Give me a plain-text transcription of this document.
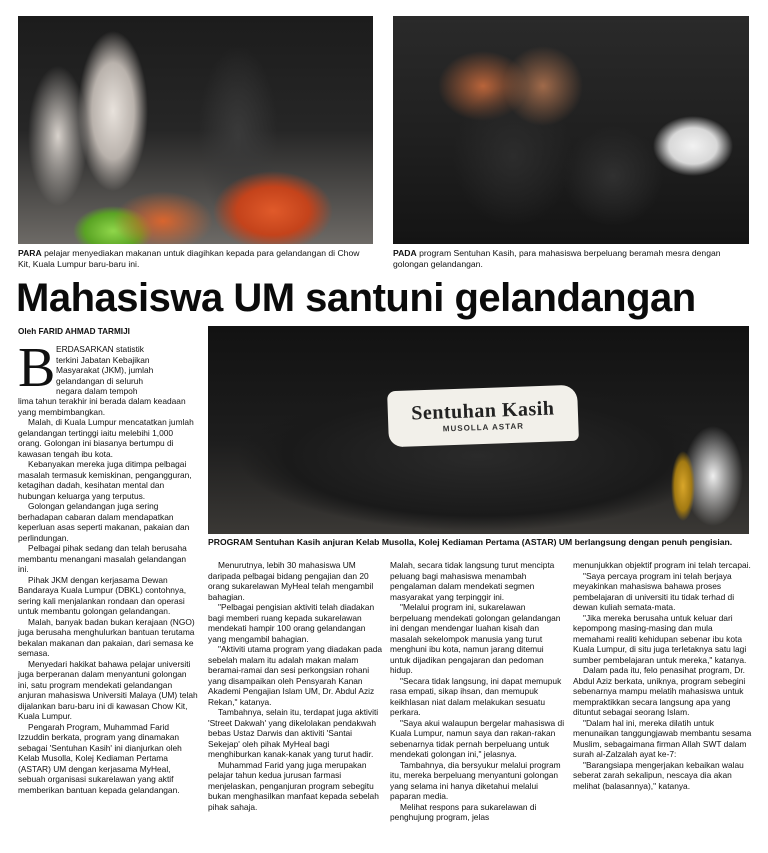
Sentuhan Kasih
MUSOLLA ASTAR
PARA pelajar menyediakan makanan untuk diagihkan kepada para gelandangan di Chow Kit, Kuala Lumpur baru-baru ini.
PADA program Sentuhan Kasih, para mahasiswa berpeluang beramah mesra dengan golongan gelandangan.
PROGRAM Sentuhan Kasih anjuran Kelab Musolla, Kolej Kediaman Pertama (ASTAR) UM berlangsung dengan penuh pengisian.
Mahasiswa UM santuni gelandangan
Oleh FARID AHMAD TARMIJI
B ERDASARKAN statistik
terkini Jabatan Kebajikan
Masyarakat (JKM), jumlah
gelandangan di seluruh
negara dalam tempoh

lima tahun terakhir ini berada dalam keadaan yang membimbangkan.

Malah, di Kuala Lumpur mencatatkan jumlah gelandangan tertinggi iaitu melebihi 1,000 orang. Golongan ini biasanya bertumpu di kawasan tengah ibu kota.

Kebanyakan mereka juga ditimpa pelbagai masalah termasuk kemiskinan, pengangguran, ketagihan dadah, kesihatan mental dan hubungan keluarga yang terputus.

Golongan gelandangan juga sering berhadapan cabaran dalam mendapatkan keperluan asas seperti makanan, pakaian dan perlindungan.

Pelbagai pihak sedang dan telah berusaha membantu menangani masalah gelandangan ini.

Pihak JKM dengan kerjasama Dewan Bandaraya Kuala Lumpur (DBKL) contohnya, sering kali menjalankan rondaan dan operasi untuk membantu golongan gelandangan.

Malah, banyak badan bukan kerajaan (NGO) juga berusaha menghulurkan bantuan terutama bekalan makanan dan pakaian, dari semasa ke semasa.

Menyedari hakikat bahawa pelajar universiti juga berperanan dalam menyantuni golongan ini, satu program mendekati gelandangan anjuran mahasiswa Universiti Malaya (UM) telah dijalankan baru-baru ini di kawasan Chow Kit, Kuala Lumpur.

Pengarah Program, Muhammad Farid Izzuddin berkata, program yang dinamakan sebagai 'Sentuhan Kasih' ini dianjurkan oleh Kelab Musolla, Kolej Kediaman Pertama (ASTAR) UM dengan kerjasama MyHeal, sebuah organisasi sukarelawan yang aktif memberikan bantuan kepada gelandangan.

Menurutnya, lebih 30 mahasiswa UM daripada pelbagai bidang pengajian dan 20 orang sukarelawan MyHeal telah mengambil bahagian.

"Pelbagai pengisian aktiviti telah diadakan bagi memberi ruang kepada sukarelawan mendekati hampir 100 orang gelandangan yang mengambil bahagian.

"Aktiviti utama program yang diadakan pada sebelah malam itu adalah makan malam beramai-ramai dan sesi perkongsian rohani yang disampaikan oleh Pensyarah Kanan Akademi Pengajian Islam UM, Dr. Abdul Aziz Rekan," katanya.

Tambahnya, selain itu, terdapat juga aktiviti 'Street Dakwah' yang dikelolakan pendakwah bebas Ustaz Darwis dan aktiviti 'Santai Sekejap' oleh pihak MyHeal bagi menghiburkan kanak-kanak yang turut hadir.

Muhammad Farid yang juga merupakan pelajar tahun kedua jurusan farmasi menjelaskan, penganjuran program sebegitu bukan menghasilkan manfaat kepada sebelah pihak sahaja.

Malah, secara tidak langsung turut mencipta peluang bagi mahasiswa menambah pengalaman dalam mendekati segmen masyarakat yang terpinggir ini.

"Melalui program ini, sukarelawan berpeluang mendekati golongan gelandangan ini dengan mendengar luahan kisah dan masalah sekelompok manusia yang turut menghuni ibu kota, namun jarang ditemui untuk dijadikan pengajaran dan pedoman hidup.

"Secara tidak langsung, ini dapat memupuk rasa empati, sikap ihsan, dan memupuk keikhlasan niat dalam melakukan sesuatu perkara.

"Saya akui walaupun bergelar mahasiswa di Kuala Lumpur, namun saya dan rakan-rakan sebenarnya tidak pernah berpeluang untuk mendekati golongan ini," jelasnya.

Tambahnya, dia bersyukur melalui program itu, mereka berpeluang menyantuni golongan yang selama ini hanya diketahui melalui paparan media.

Melihat respons para sukarelawan di penghujung program, jelas

menunjukkan objektif program ini telah tercapai.

"Saya percaya program ini telah berjaya meyakinkan mahasiswa bahawa proses pembelajaran di universiti itu tidak terhad di dewan kuliah semata-mata.

"Jika mereka berusaha untuk keluar dari kepompong masing-masing dan mula memahami realiti kehidupan sebenar ibu kota Kuala Lumpur, di situ juga terletaknya satu lagi sumber pembelajaran untuk mereka," katanya.

Dalam pada itu, felo penasihat program, Dr. Abdul Aziz berkata, uniknya, program sebegini sebenarnya mampu melatih mahasiswa untuk mempraktikkan secara langsung apa yang dituntut sebagai seorang Islam.

"Dalam hal ini, mereka dilatih untuk menunaikan tanggungjawab membantu sesama Muslim, sebagaimana firman Allah SWT dalam surah al-Zalzalah ayat ke-7:

"Barangsiapa mengerjakan kebaikan walau seberat zarah sekalipun, nescaya dia akan melihat (balasannya)," katanya.
